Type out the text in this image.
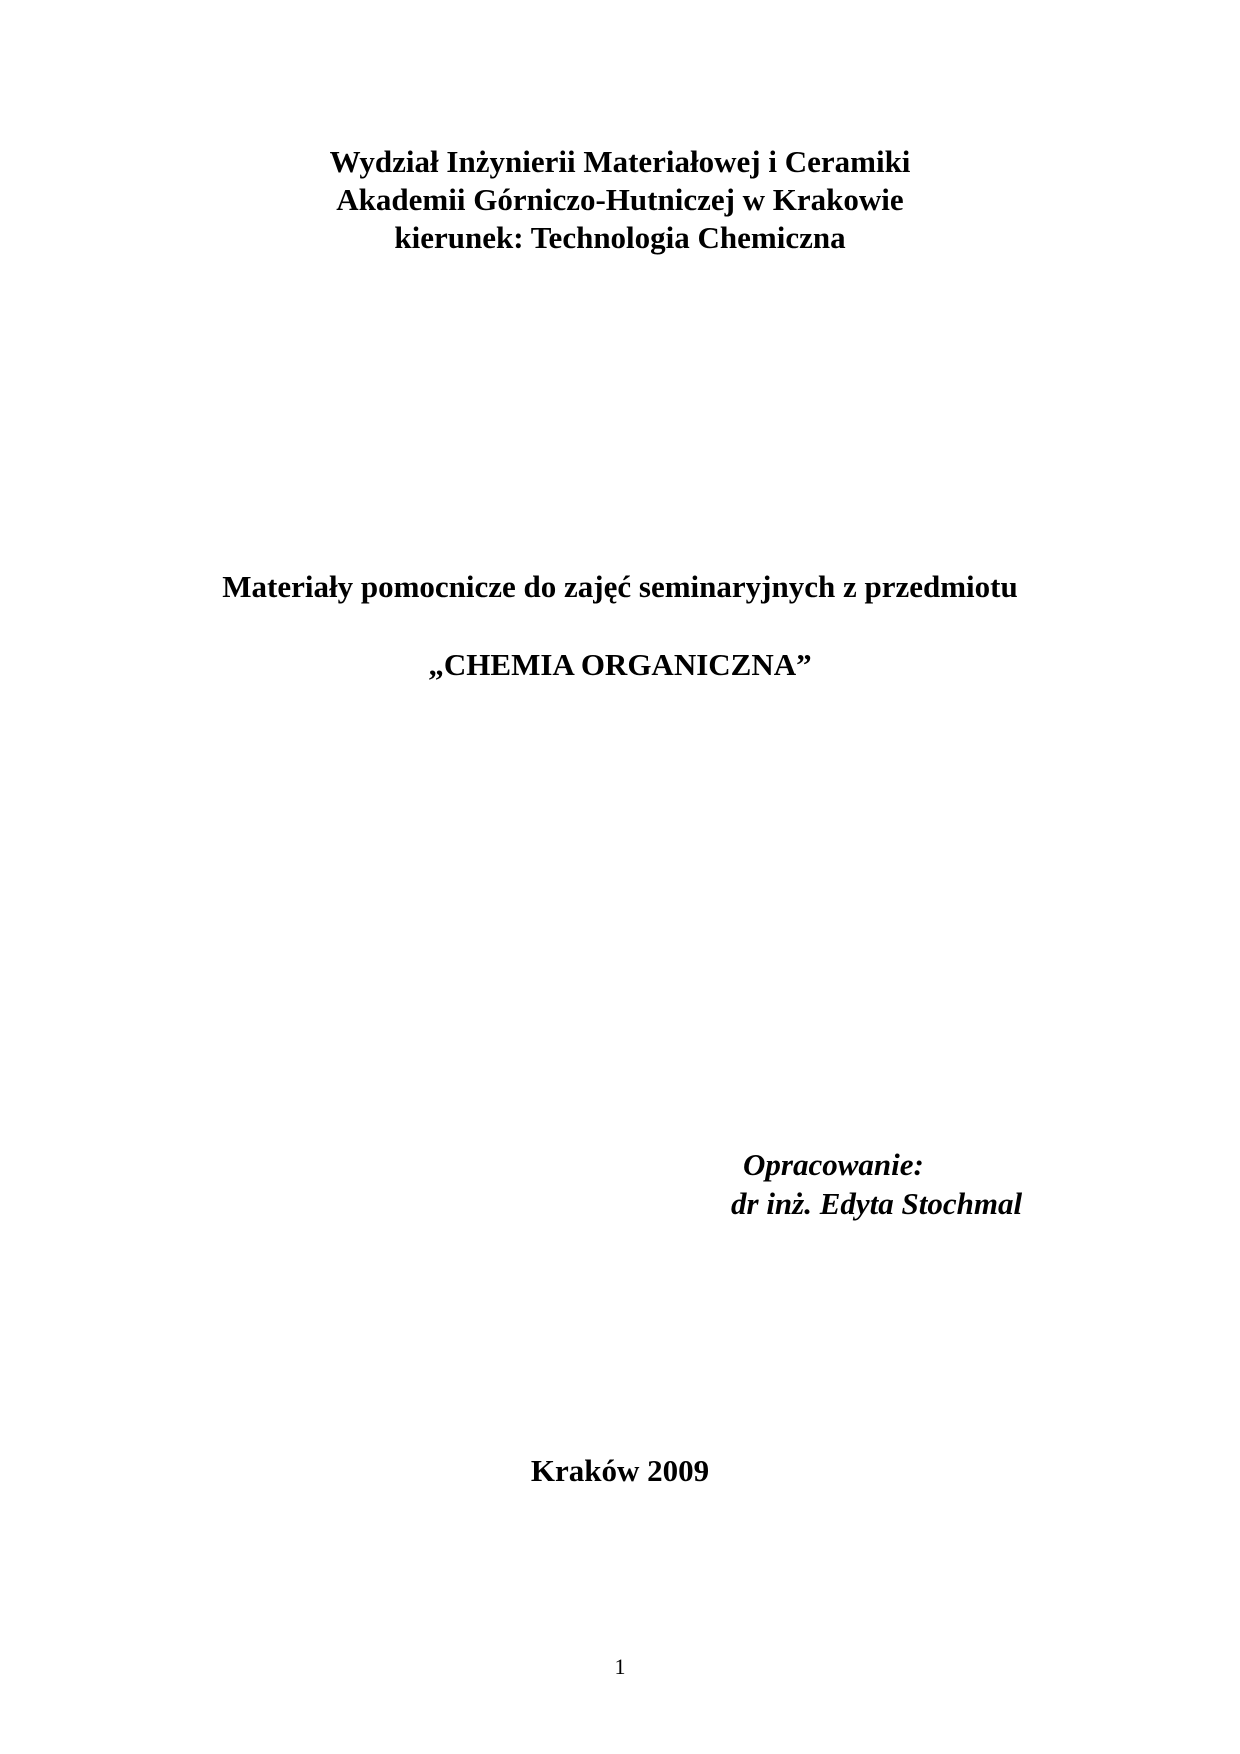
Wydział Inżynierii Materiałowej i Ceramiki
Akademii Górniczo-Hutniczej w Krakowie
kierunek: Technologia Chemiczna
Materiały pomocnicze do zajęć seminaryjnych z przedmiotu
„CHEMIA ORGANICZNA”
Opracowanie:
dr inż. Edyta Stochmal
Kraków 2009
1
